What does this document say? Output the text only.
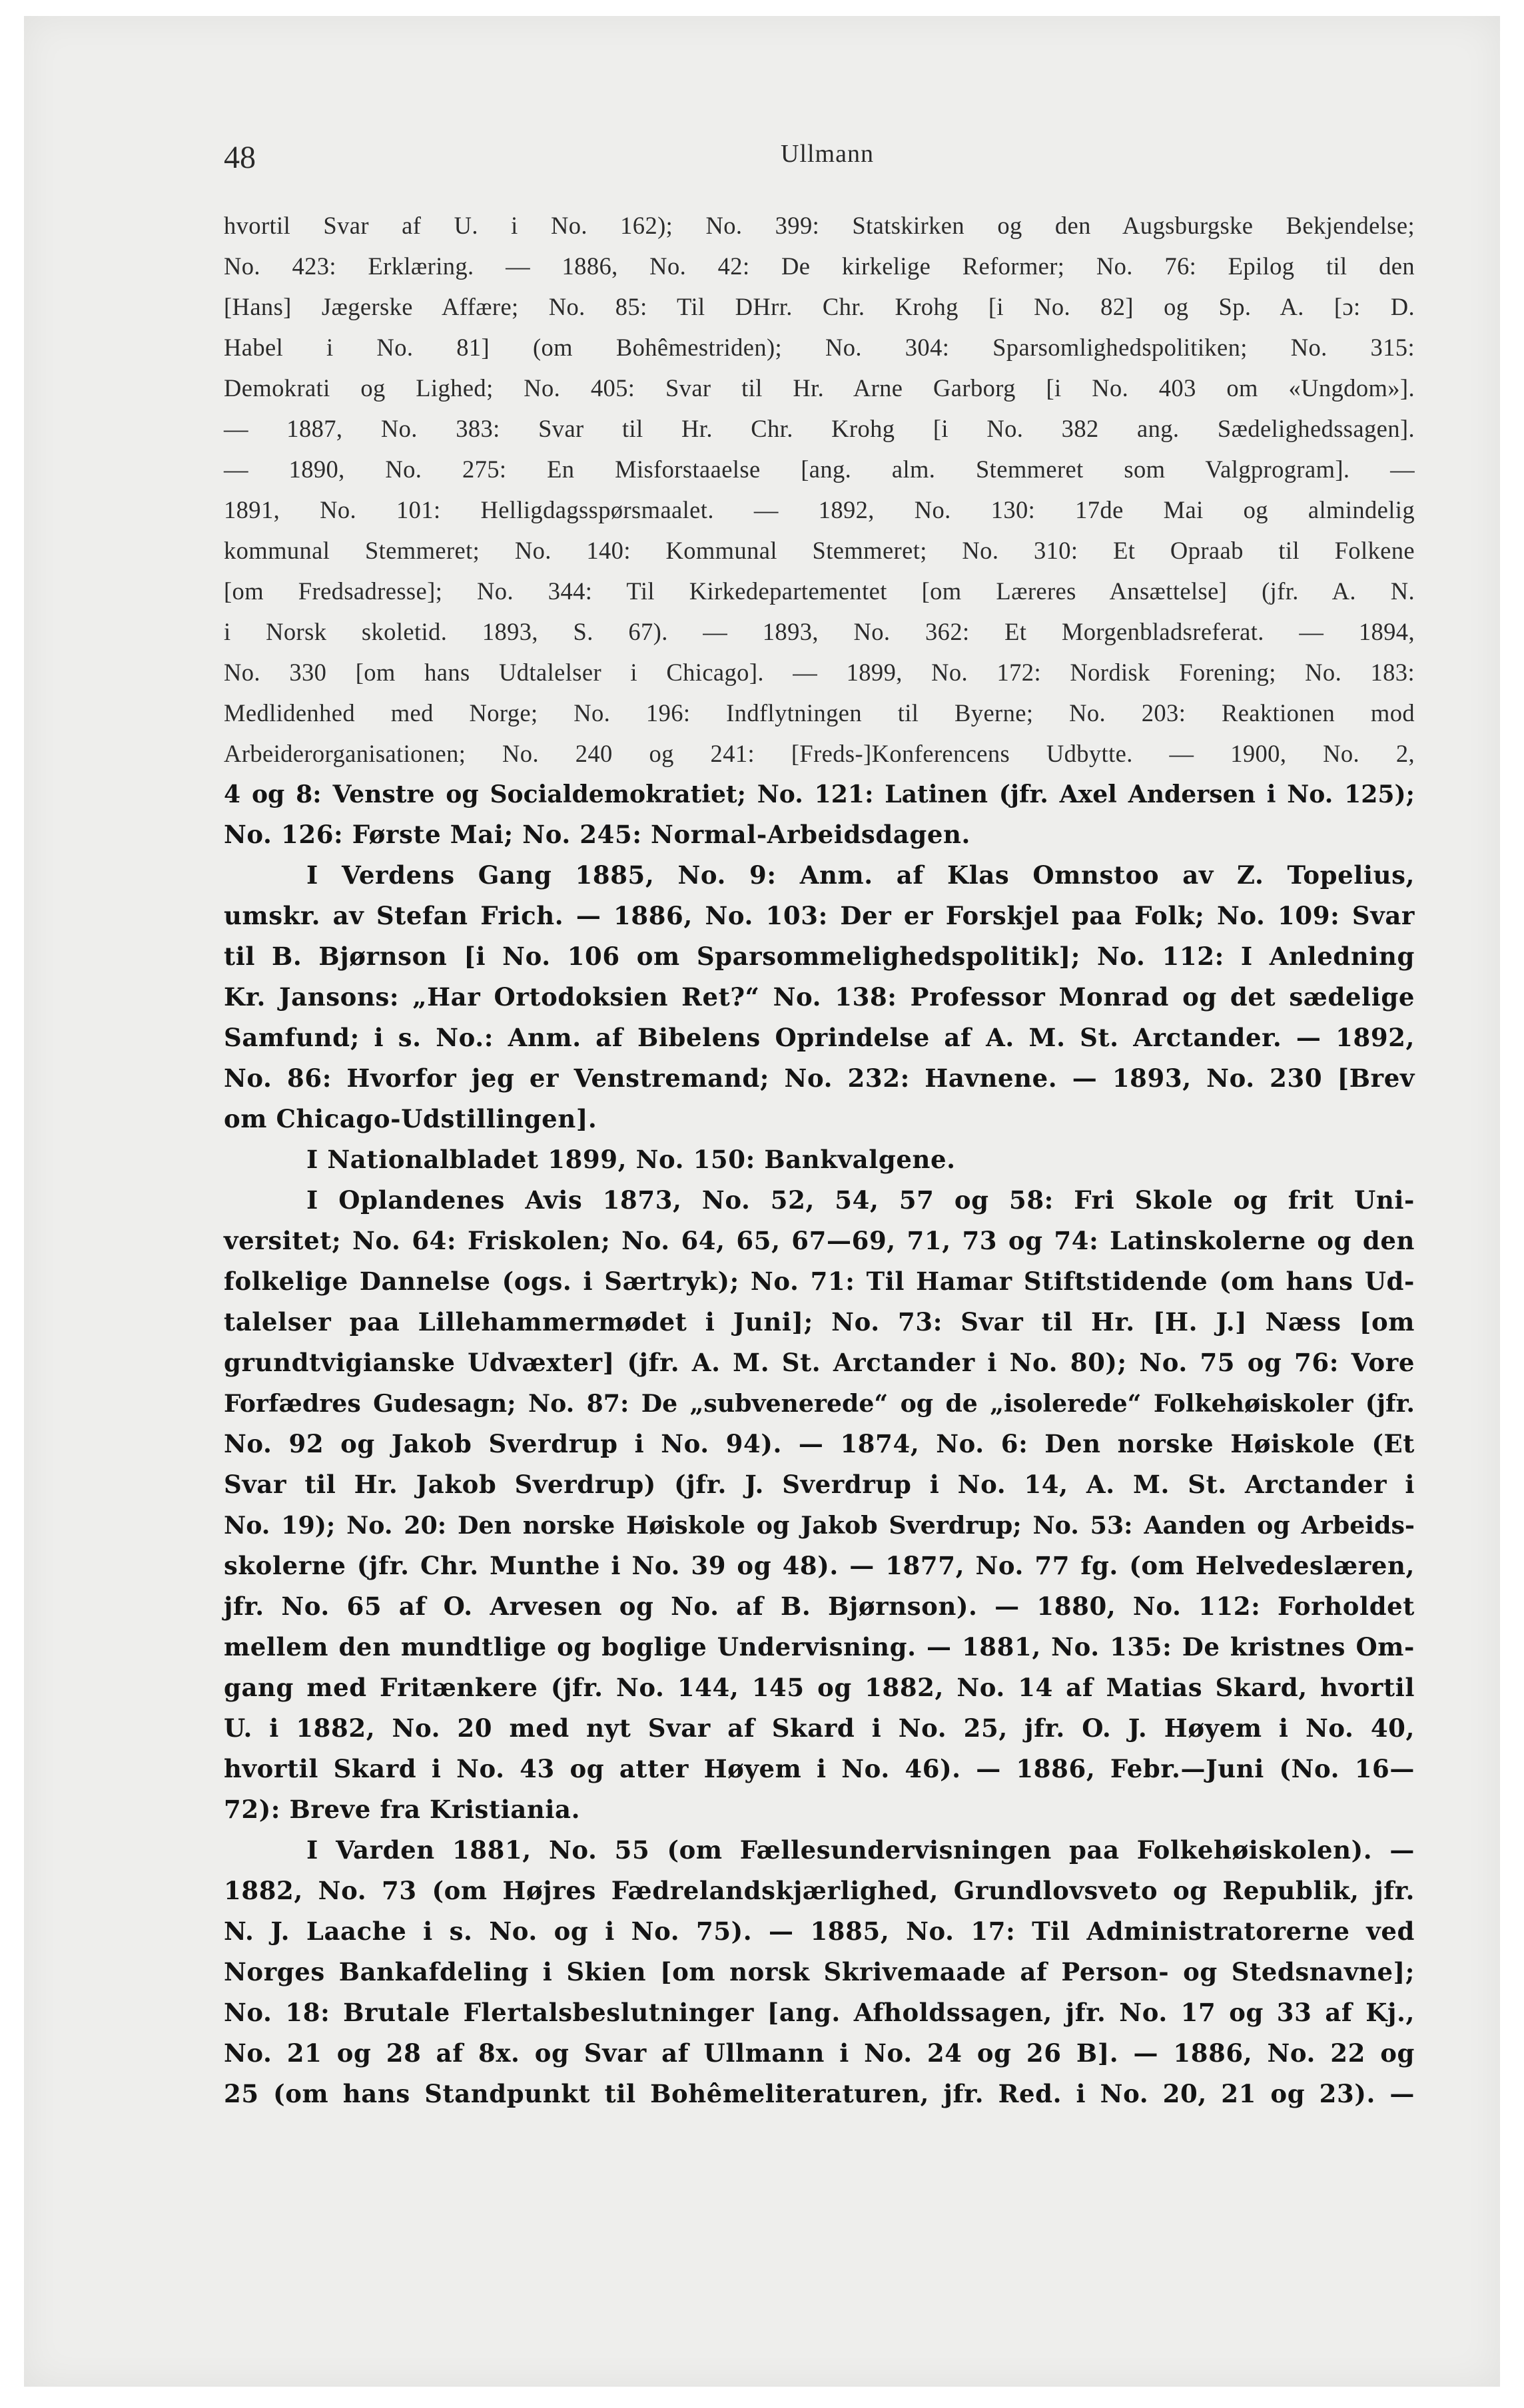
48	Ullmann
hvortil Svar af U. i No. 162); No. 399: Statskirken og den Augsburgske Bekjendelse;
No. 423: Erklæring. — 1886, No. 42: De kirkelige Reformer; No. 76: Epilog til den
[Hans] Jægerske Affære; No. 85: Til DHrr. Chr. Krohg [i No. 82] og Sp. A. [ɔ: D.
Habel i No. 81] (om Bohêmestriden); No. 304: Sparsomlighedspolitiken; No. 315:
Demokrati og Lighed; No. 405: Svar til Hr. Arne Garborg [i No. 403 om «Ungdom»].
— 1887, No. 383: Svar til Hr. Chr. Krohg [i No. 382 ang. Sædelighedssagen].
— 1890, No. 275: En Misforstaaelse [ang. alm. Stemmeret som Valgprogram]. —
1891, No. 101: Helligdagsspørsmaalet. — 1892, No. 130: 17de Mai og almindelig
kommunal Stemmeret; No. 140: Kommunal Stemmeret; No. 310: Et Opraab til Folkene
[om Fredsadresse]; No. 344: Til Kirkedepartementet [om Læreres Ansættelse] (jfr. A. N.
i Norsk skoletid. 1893, S. 67). — 1893, No. 362: Et Morgenbladsreferat. — 1894,
No. 330 [om hans Udtalelser i Chicago]. — 1899, No. 172: Nordisk Forening; No. 183:
Medlidenhed med Norge; No. 196: Indflytningen til Byerne; No. 203: Reaktionen mod
Arbeiderorganisationen; No. 240 og 241: [Freds-]Konferencens Udbytte. — 1900, No. 2,
4 og 8: Venstre og Socialdemokratiet; No. 121: Latinen (jfr. Axel Andersen i No. 125);
No. 126: Første Mai; No. 245: Normal-Arbeidsdagen.
I Verdens Gang 1885, No. 9: Anm. af Klas Omnstoo av Z. Topelius,
umskr. av Stefan Frich. — 1886, No. 103: Der er Forskjel paa Folk; No. 109: Svar
til B. Bjørnson [i No. 106 om Sparsommelighedspolitik]; No. 112: I Anledning
Kr. Jansons: „Har Ortodoksien Ret?“ No. 138: Professor Monrad og det sædelige
Samfund; i s. No.: Anm. af Bibelens Oprindelse af A. M. St. Arctander. — 1892,
No. 86: Hvorfor jeg er Venstremand; No. 232: Havnene. — 1893, No. 230 [Brev
om Chicago-Udstillingen].
I Nationalbladet 1899, No. 150: Bankvalgene.
I Oplandenes Avis 1873, No. 52, 54, 57 og 58: Fri Skole og frit Uni-
versitet; No. 64: Friskolen; No. 64, 65, 67—69, 71, 73 og 74: Latinskolerne og den
folkelige Dannelse (ogs. i Særtryk); No. 71: Til Hamar Stiftstidende (om hans Ud-
talelser paa Lillehammermødet i Juni]; No. 73: Svar til Hr. [H. J.] Næss [om
grundtvigianske Udvæxter] (jfr. A. M. St. Arctander i No. 80); No. 75 og 76: Vore
Forfædres Gudesagn; No. 87: De „subvenerede“ og de „isolerede“ Folkehøiskoler (jfr.
No. 92 og Jakob Sverdrup i No. 94). — 1874, No. 6: Den norske Høiskole (Et
Svar til Hr. Jakob Sverdrup) (jfr. J. Sverdrup i No. 14, A. M. St. Arctander i
No. 19); No. 20: Den norske Høiskole og Jakob Sverdrup; No. 53: Aanden og Arbeids-
skolerne (jfr. Chr. Munthe i No. 39 og 48). — 1877, No. 77 fg. (om Helvedeslæren,
jfr. No. 65 af O. Arvesen og No. af B. Bjørnson). — 1880, No. 112: Forholdet
mellem den mundtlige og boglige Undervisning. — 1881, No. 135: De kristnes Om-
gang med Fritænkere (jfr. No. 144, 145 og 1882, No. 14 af Matias Skard, hvortil
U. i 1882, No. 20 med nyt Svar af Skard i No. 25, jfr. O. J. Høyem i No. 40,
hvortil Skard i No. 43 og atter Høyem i No. 46). — 1886, Febr.—Juni (No. 16—
72): Breve fra Kristiania.
I Varden 1881, No. 55 (om Fællesundervisningen paa Folkehøiskolen). —
1882, No. 73 (om Højres Fædrelandskjærlighed, Grundlovsveto og Republik, jfr.
N. J. Laache i s. No. og i No. 75). — 1885, No. 17: Til Administratorerne ved
Norges Bankafdeling i Skien [om norsk Skrivemaade af Person- og Stedsnavne];
No. 18: Brutale Flertalsbeslutninger [ang. Afholdssagen, jfr. No. 17 og 33 af Kj.,
No. 21 og 28 af 8x. og Svar af Ullmann i No. 24 og 26 B]. — 1886, No. 22 og
25 (om hans Standpunkt til Bohêmeliteraturen, jfr. Red. i No. 20, 21 og 23). —
